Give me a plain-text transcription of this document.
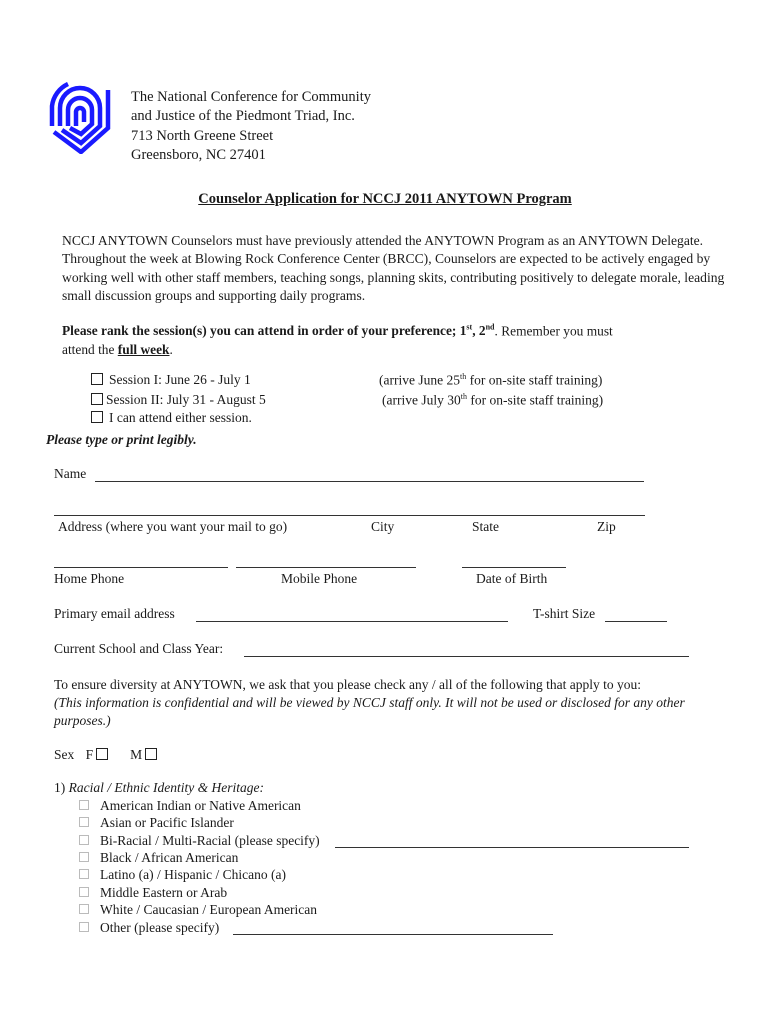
The National Conference for Community
and Justice of the Piedmont Triad, Inc.
713 North Greene Street
Greensboro, NC 27401
Counselor Application for NCCJ 2011 ANYTOWN Program
NCCJ ANYTOWN Counselors must have previously attended the ANYTOWN Program as an ANYTOWN Delegate. Throughout the week at Blowing Rock Conference Center (BRCC), Counselors are expected to be actively engaged by working well with other staff members, teaching songs, planning skits, contributing positively to delegate morale, leading small discussion groups and supporting daily programs.
Please rank the session(s) you can attend in order of your preference; 1st, 2nd. Remember you must
attend the full week.
Session I: June 26 - July 1	(arrive June 25th for on-site staff training)
Session II: July 31 - August 5	(arrive July 30th for on-site staff training)
I can attend either session.
Please type or print legibly.
Name
Address (where you want your mail to go)	City	State	Zip
Home Phone	Mobile Phone	Date of Birth
Primary email address	T-shirt Size
Current School and Class Year:
To ensure diversity at ANYTOWN, we ask that you please check any / all of the following that apply to you:
(This information is confidential and will be viewed by NCCJ staff only. It will not be used or disclosed for any other purposes.)
Sex F	M
1) Racial / Ethnic Identity & Heritage:
American Indian or Native American
Asian or Pacific Islander
Bi-Racial / Multi-Racial (please specify)
Black / African American
Latino (a) / Hispanic / Chicano (a)
Middle Eastern or Arab
White / Caucasian / European American
Other (please specify)
